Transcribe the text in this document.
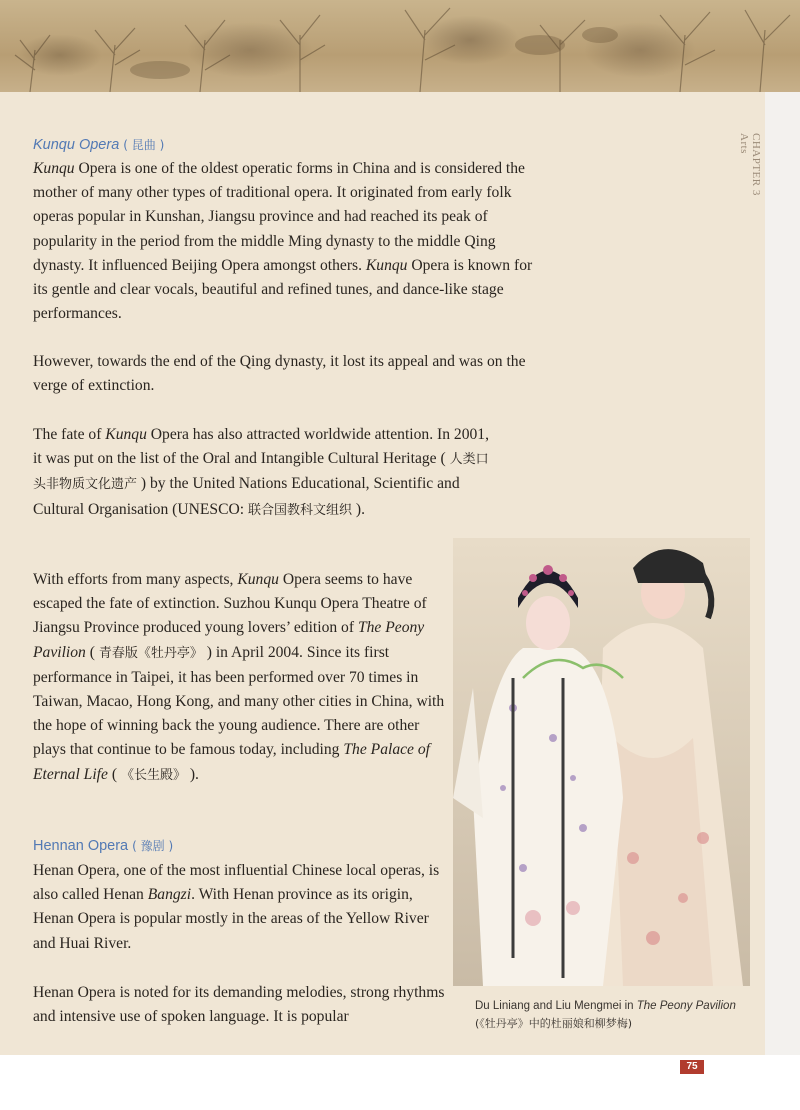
CHAPTER 3
Arts
Kunqu Opera ( 昆曲 )

Kunqu Opera is one of the oldest operatic forms in China and is considered the mother of many other types of traditional opera. It originated from early folk operas popular in Kunshan, Jiangsu province and had reached its peak of popularity in the period from the middle Ming dynasty to the middle Qing dynasty. It influenced Beijing Opera amongst others. Kunqu Opera is known for its gentle and clear vocals, beautiful and refined tunes, and dance-like stage performances.

However, towards the end of the Qing dynasty, it lost its appeal and was on the verge of extinction.

The fate of Kunqu Opera has also attracted worldwide attention. In 2001, it was put on the list of the Oral and Intangible Cultural Heritage ( 人类口头非物质文化遗产 ) by the United Nations Educational, Scientific and Cultural Organisation (UNESCO: 联合国教科文组织 ).

With efforts from many aspects, Kunqu Opera seems to have escaped the fate of extinction. Suzhou Kunqu Opera Theatre of Jiangsu Province produced young lovers’ edition of The Peony Pavilion ( 青春版《牡丹亭》 ) in April 2004. Since its first performance in Taipei, it has been performed over 70 times in Taiwan, Macao, Hong Kong, and many other cities in China, with the hope of winning back the young audience. There are other plays that continue to be famous today, including The Palace of Eternal Life ( 《长生殿》 ).

Hennan Opera ( 豫剧 )

Henan Opera, one of the most influential Chinese local operas, is also called Henan Bangzi. With Henan province as its origin, Henan Opera is popular mostly in the areas of the Yellow River and Huai River.

Henan Opera is noted for its demanding melodies, strong rhythms and intensive use of spoken language. It is popular

Du Liniang and Liu Mengmei in The Peony Pavilion
(《牡丹亭》中的杜丽娘和柳梦梅)
75
